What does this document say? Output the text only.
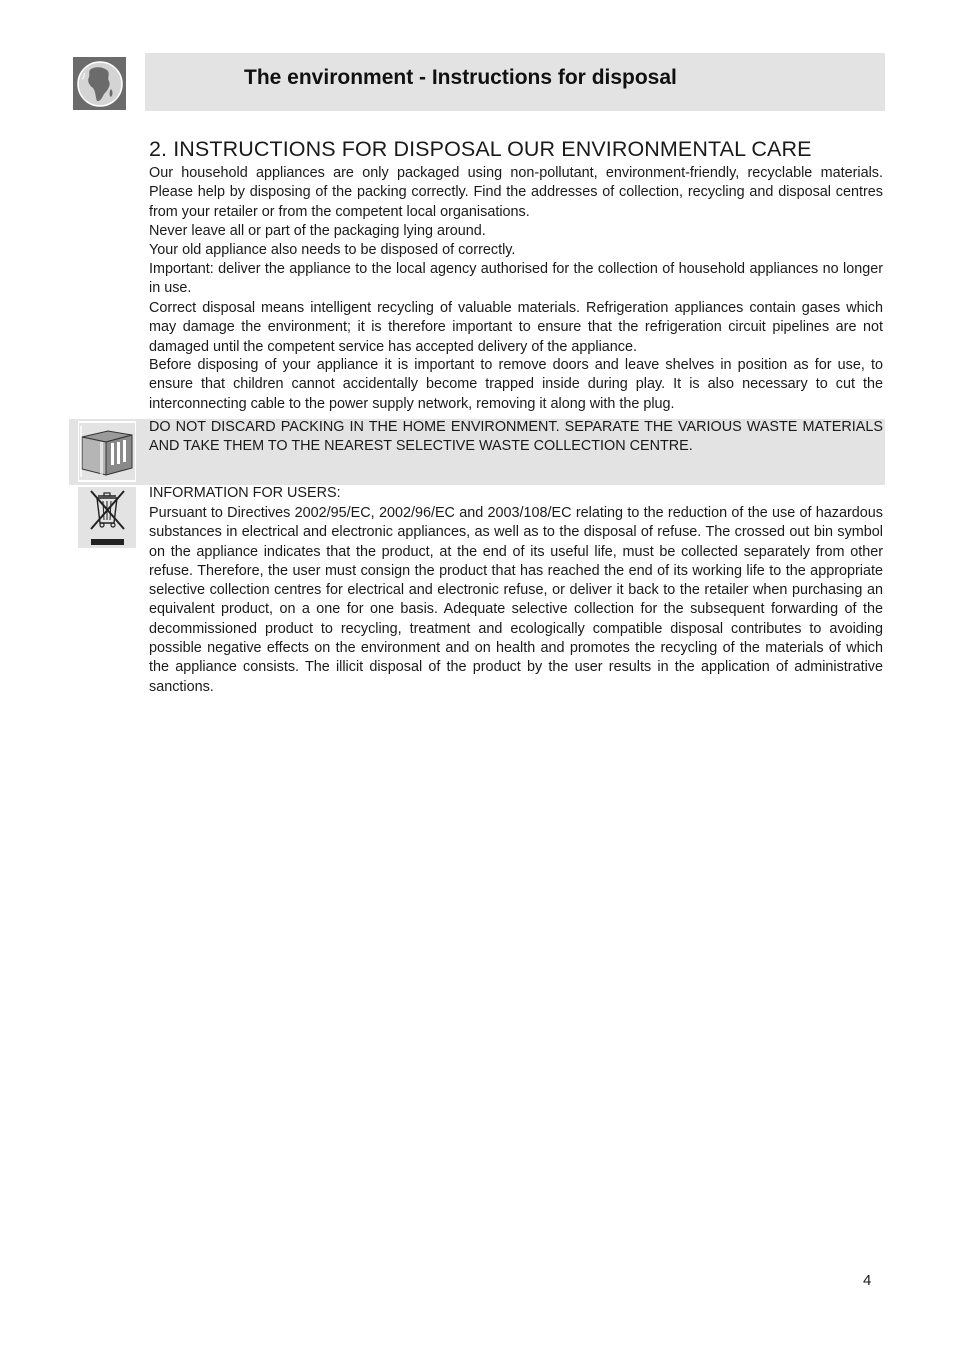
The environment - Instructions for disposal
2. INSTRUCTIONS FOR DISPOSAL OUR ENVIRONMENTAL CARE

Our household appliances are only packaged using non-pollutant, environment-friendly, recyclable materials. Please help by disposing of the packing correctly. Find the addresses of collection, recycling and disposal centres from your retailer or from the competent local organisations.

Never leave all or part of the packaging lying around.

Your old appliance also needs to be disposed of correctly.

Important: deliver the appliance to the local agency authorised for the collection of household appliances no longer in use.

Correct disposal means intelligent recycling of valuable materials. Refrigeration appliances contain gases which may damage the environment; it is therefore important to ensure that the refrigeration circuit pipelines are not damaged until the competent service has accepted delivery of the appliance.

Before disposing of your appliance it is important to remove doors and leave shelves in position as for use, to ensure that children cannot accidentally become trapped inside during play. It is also necessary to cut the interconnecting cable to the power supply network, removing it along with the plug.

DO NOT DISCARD PACKING IN THE HOME ENVIRONMENT. SEPARATE THE VARIOUS WASTE MATERIALS AND TAKE THEM TO THE NEAREST SELECTIVE WASTE COLLECTION CENTRE.

INFORMATION FOR USERS:

Pursuant to Directives 2002/95/EC, 2002/96/EC and 2003/108/EC relating to the reduction of the use of hazardous substances in electrical and electronic appliances, as well as to the disposal of refuse. The crossed out bin symbol on the appliance indicates that the product, at the end of its useful life, must be collected separately from other refuse. Therefore, the user must consign the product that has reached the end of its working life to the appropriate selective collection centres for electrical and electronic refuse, or deliver it back to the retailer when purchasing an equivalent product, on a one for one basis. Adequate selective collection for the subsequent forwarding of the decommissioned product to recycling, treatment and ecologically compatible disposal contributes to avoiding possible negative effects on the environment and on health and promotes the recycling of the materials of which the appliance consists. The illicit disposal of the product by the user results in the application of administrative sanctions.

4
